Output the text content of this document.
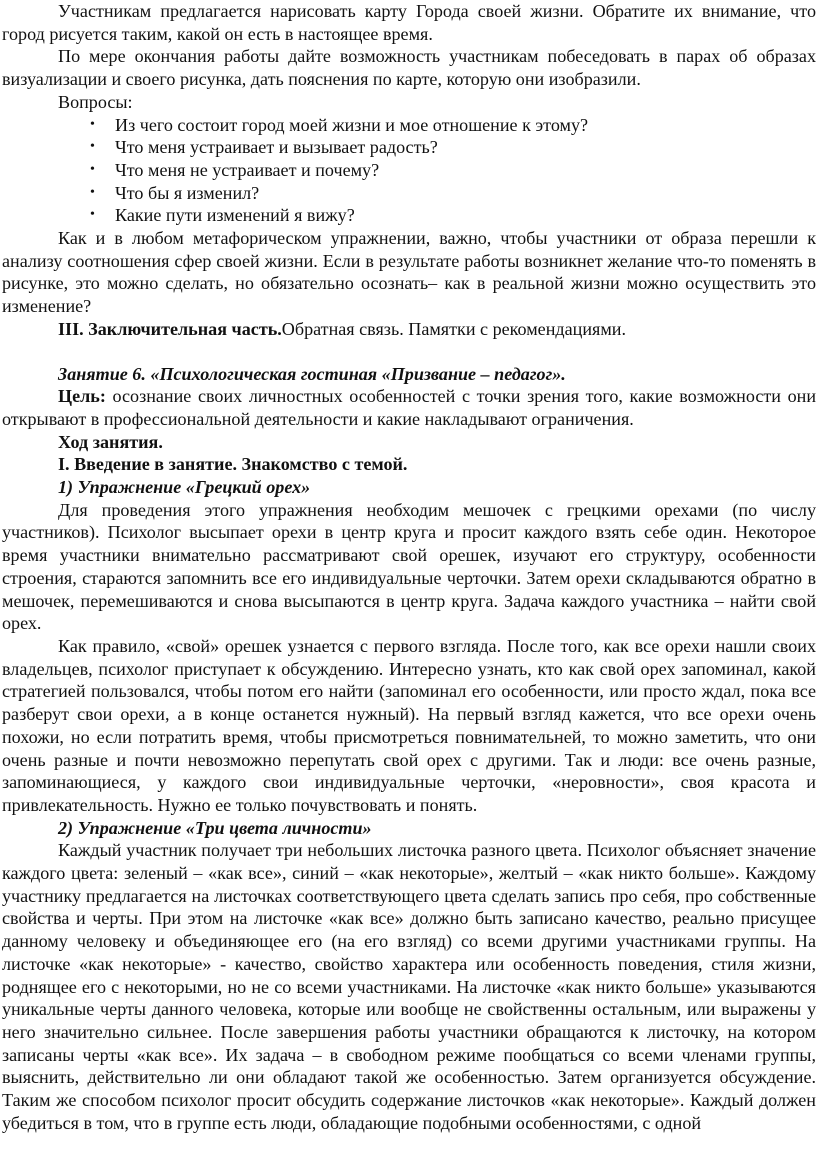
Участникам предлагается нарисовать карту Города своей жизни. Обратите их внимание, что город рисуется таким, какой он есть в настоящее время.

По мере окончания работы дайте возможность участникам побеседовать в парах об образах визуализации и своего рисунка, дать пояснения по карте, которую они изобразили.

Вопросы:

• Из чего состоит город моей жизни и мое отношение к этому?
• Что меня устраивает и вызывает радость?
• Что меня не устраивает и почему?
• Что бы я изменил?
• Какие пути изменений я вижу?

Как и в любом метафорическом упражнении, важно, чтобы участники от образа перешли к анализу соотношения сфер своей жизни. Если в результате работы возникнет желание что-то поменять в рисунке, это можно сделать, но обязательно осознать– как в реальной жизни можно осуществить это изменение?

III. Заключительная часть.Обратная связь. Памятки с рекомендациями.

Занятие 6. «Психологическая гостиная «Призвание – педагог».

Цель: осознание своих личностных особенностей с точки зрения того, какие возможности они открывают в профессиональной деятельности и какие накладывают ограничения.

Ход занятия.

I. Введение в занятие. Знакомство с темой.

1) Упражнение «Грецкий орех»

Для проведения этого упражнения необходим мешочек с грецкими орехами (по числу участников). Психолог высыпает орехи в центр круга и просит каждого взять себе один. Некоторое время участники внимательно рассматривают свой орешек, изучают его структуру, особенности строения, стараются запомнить все его индивидуальные черточки. Затем орехи складываются обратно в мешочек, перемешиваются и снова высыпаются в центр круга. Задача каждого участника – найти свой орех.

Как правило, «свой» орешек узнается с первого взгляда. После того, как все орехи нашли своих владельцев, психолог приступает к обсуждению. Интересно узнать, кто как свой орех запоминал, какой стратегией пользовался, чтобы потом его найти (запоминал его особенности, или просто ждал, пока все разберут свои орехи, а в конце останется нужный). На первый взгляд кажется, что все орехи очень похожи, но если потратить время, чтобы присмотреться повнимательней, то можно заметить, что они очень разные и почти невозможно перепутать свой орех с другими. Так и люди: все очень разные, запоминающиеся, у каждого свои индивидуальные черточки, «неровности», своя красота и привлекательность. Нужно ее только почувствовать и понять.

2) Упражнение «Три цвета личности»

Каждый участник получает три небольших листочка разного цвета. Психолог объясняет значение каждого цвета: зеленый – «как все», синий – «как некоторые», желтый – «как никто больше». Каждому участнику предлагается на листочках соответствующего цвета сделать запись про себя, про собственные свойства и черты. При этом на листочке «как все» должно быть записано качество, реально присущее данному человеку и объединяющее его (на его взгляд) со всеми другими участниками группы. На листочке «как некоторые» - качество, свойство характера или особенность поведения, стиля жизни, роднящее его с некоторыми, но не со всеми участниками. На листочке «как никто больше» указываются уникальные черты данного человека, которые или вообще не свойственны остальным, или выражены у него значительно сильнее. После завершения работы участники обращаются к листочку, на котором записаны черты «как все». Их задача – в свободном режиме пообщаться со всеми членами группы, выяснить, действительно ли они обладают такой же особенностью. Затем организуется обсуждение. Таким же способом психолог просит обсудить содержание листочков «как некоторые». Каждый должен убедиться в том, что в группе есть люди, обладающие подобными особенностями, с одной
